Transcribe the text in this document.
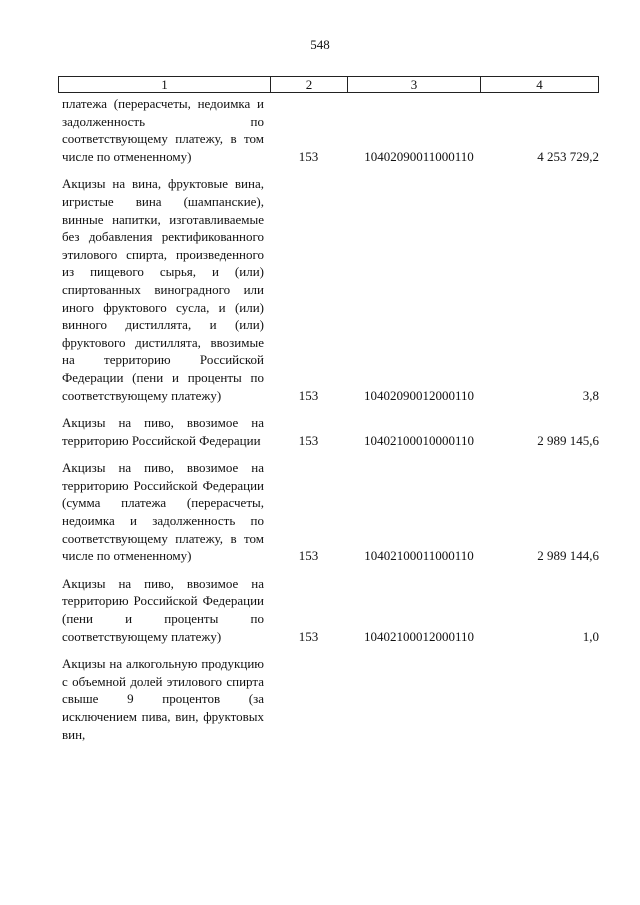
548
1	2	3	4
платежа (перерасчеты, недоимка и задолженность по соответствующему платежу, в том числе по отмененному)	153	10402090011000110	4 253 729,2
Акцизы на вина, фруктовые вина, игристые вина (шампанские), винные напитки, изготавливаемые без добавления ректификованного этилового спирта, произведенного из пищевого сырья, и (или) спиртованных виноградного или иного фруктового сусла, и (или) винного дистиллята, и (или) фруктового дистиллята, ввозимые на территорию Российской Федерации (пени и проценты по соответствующему платежу)	153	10402090012000110	3,8
Акцизы на пиво, ввозимое на территорию Российской Федерации	153	10402100010000110	2 989 145,6
Акцизы на пиво, ввозимое на территорию Российской Федерации (сумма платежа (перерасчеты, недоимка и задолженность по соответствующему платежу, в том числе по отмененному)	153	10402100011000110	2 989 144,6
Акцизы на пиво, ввозимое на территорию Российской Федерации (пени и проценты по соответствующему платежу)	153	10402100012000110	1,0
Акцизы на алкогольную продукцию с объемной долей этилового спирта свыше 9 процентов (за исключением пива, вин, фруктовых вин,
